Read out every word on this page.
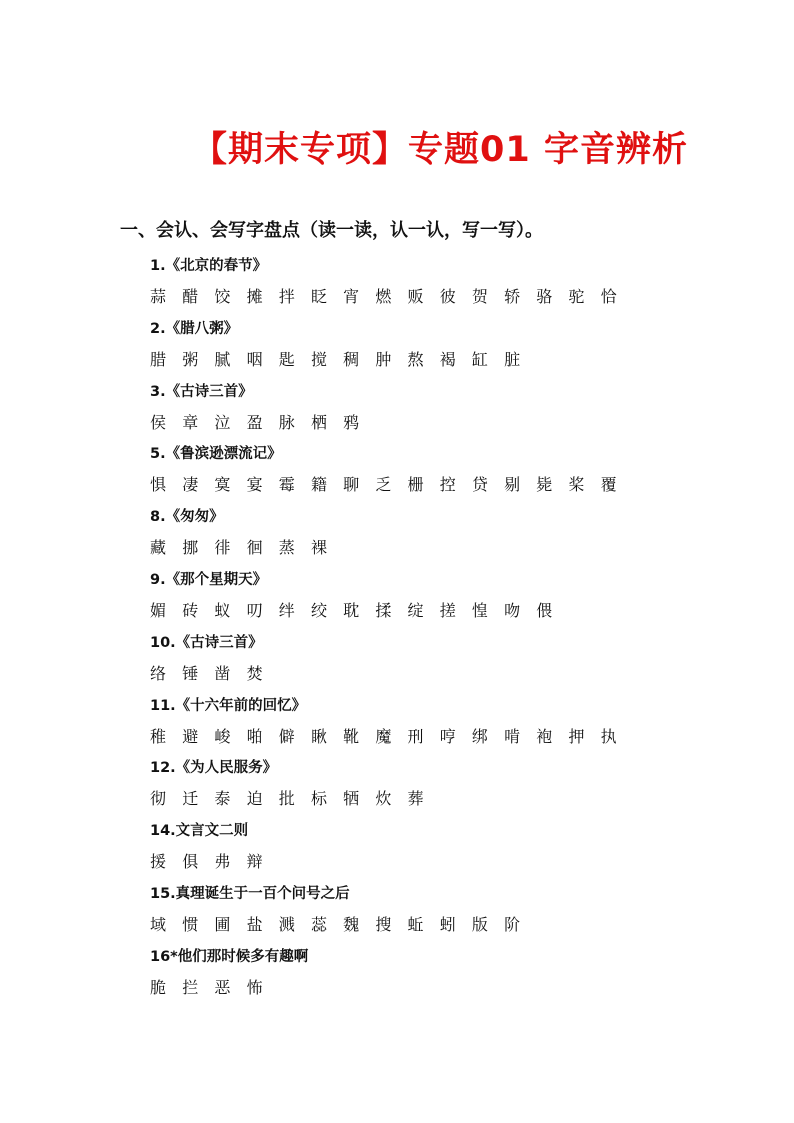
【期末专项】专题01 字音辨析
一、会认、会写字盘点（读一读，认一认，写一写）。
1.《北京的春节》
蒜 醋 饺 摊 拌 眨 宵 燃 贩 彼 贺 轿 骆 驼 恰
2.《腊八粥》
腊 粥 腻 咽 匙 搅 稠 肿 熬 褐 缸 脏
3.《古诗三首》
侯 章 泣 盈 脉 栖 鸦
5.《鲁滨逊漂流记》
惧 凄 寞 宴 霉 籍 聊 乏 栅 控 贷 剔 毙 桨 覆
8.《匆匆》
藏 挪 徘 徊 蒸 裸
9.《那个星期天》
媚 砖 蚁 叨 绊 绞 耽 揉 绽 搓 惶 吻 偎
10.《古诗三首》
络 锤 凿 焚
11.《十六年前的回忆》
稚 避 峻 啪 僻 瞅 靴 魔 刑 哼 绑 啃 袍 押 执
12.《为人民服务》
彻 迁 泰 迫 批 标 牺 炊 葬
14.文言文二则
援 俱 弗 辩
15.真理诞生于一百个问号之后
域 惯 圃 盐 溅 蕊 魏 搜 蚯 蚓 版 阶
16*他们那时候多有趣啊
脆 拦 恶 怖
